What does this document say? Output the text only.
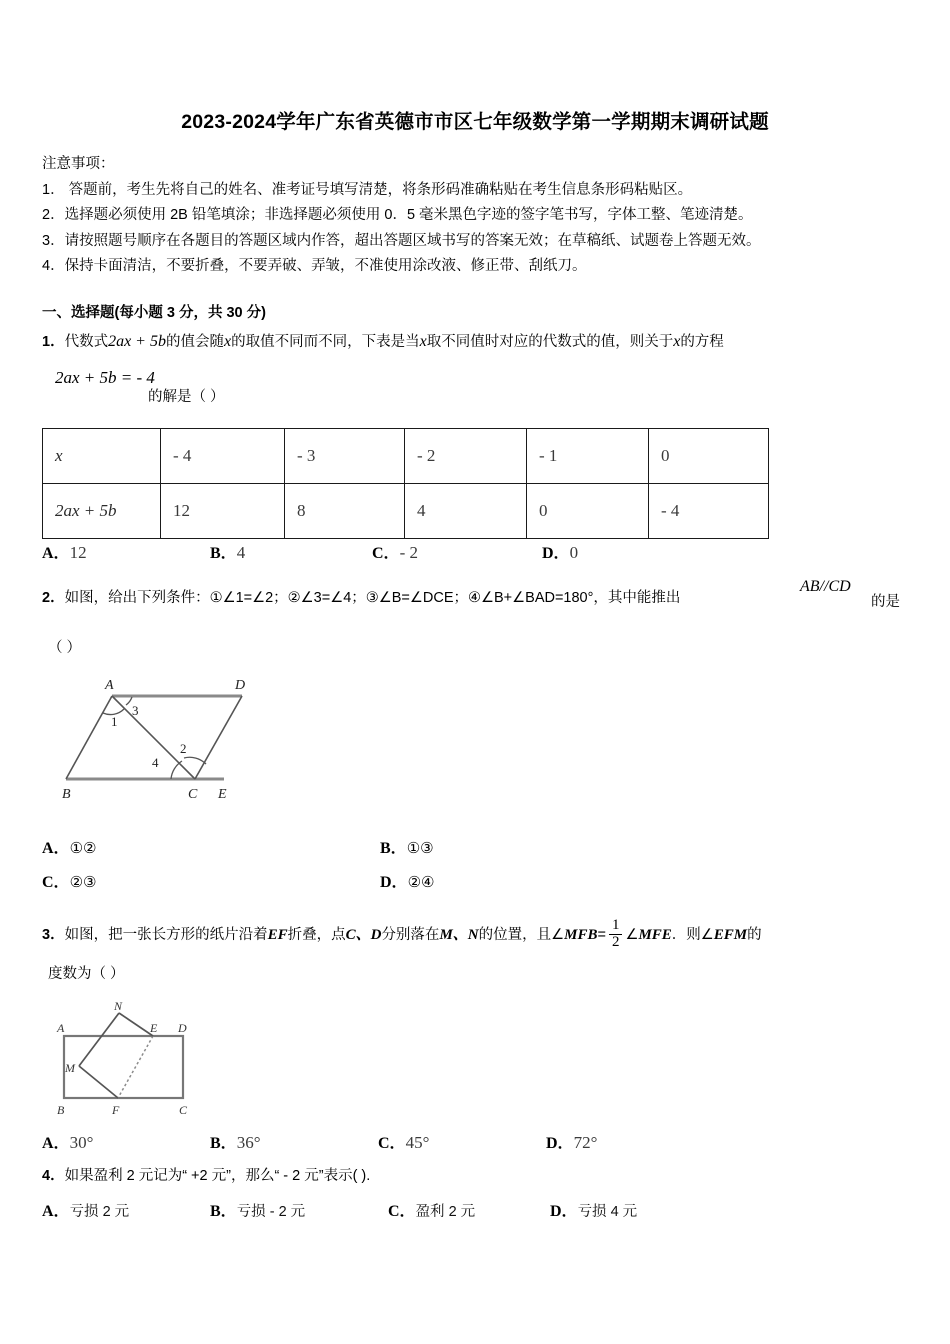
2023-2024学年广东省英德市市区七年级数学第一学期期末调研试题
注意事项：
1． 答题前，考生先将自己的姓名、准考证号填写清楚，将条形码准确粘贴在考生信息条形码粘贴区。
2．选择题必须使用 2B 铅笔填涂；非选择题必须使用 0．5 毫米黑色字迹的签字笔书写，字体工整、笔迹清楚。
3．请按照题号顺序在各题目的答题区域内作答，超出答题区域书写的答案无效；在草稿纸、试题卷上答题无效。
4．保持卡面清洁，不要折叠，不要弄破、弄皱，不准使用涂改液、修正带、刮纸刀。
一、选择题(每小题 3 分，共 30 分)
1．代数式2ax + 5b的值会随x的取值不同而不同，下表是当x取不同值时对应的代数式的值，则关于x的方程
2ax + 5b = - 4
的解是（ ）
x	- 4	- 3	- 2	- 1	0
2ax + 5b	12	8	4	0	- 4
A．12	B．4	C．- 2	D．0
2．如图，给出下列条件：①∠1=∠2；②∠3=∠4；③∠B=∠DCE；④∠B+∠BAD=180°，其中能推出
AB//CD
的是
（ ）
A	D
B	C E
1
2
3
4
A．①②	B．①③
C．②③	D．②④
3．如图，把一张长方形的纸片沿着EF折叠，点C、D分别落在M、N的位置，且∠MFB= $\frac{1}{2}$ ∠MFE．则∠EFM的
度数为（ ）
A
B	C
D
E
F
M
N
A．30°	B．36°	C．45°	D．72°
4．如果盈利 2 元记为“ +2 元”，那么“ - 2 元”表示( ).
A．亏损 2 元	B．亏损 - 2 元	C．盈利 2 元	D．亏损 4 元
